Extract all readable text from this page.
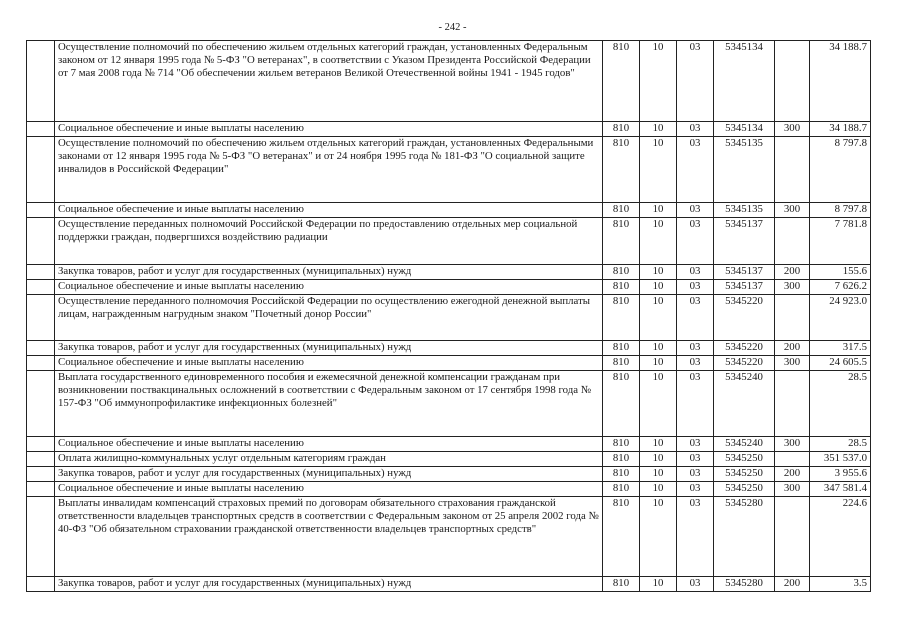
- 242 -
	Осуществление полномочий по обеспечению жильем отдельных категорий граждан, установленных Федеральным законом от 12 января 1995 года № 5-ФЗ "О ветеранах", в соответствии с Указом Президента Российской Федерации от 7 мая 2008 года № 714 "Об обеспечении жильем ветеранов Великой Отечественной войны 1941 - 1945 годов"	810	10	03	5345134		34 188.7
	Социальное обеспечение и иные выплаты населению	810	10	03	5345134	300	34 188.7
	Осуществление полномочий по обеспечению жильем отдельных категорий граждан, установленных Федеральными законами от 12 января 1995 года № 5-ФЗ "О ветеранах" и от 24 ноября 1995 года № 181-ФЗ "О социальной защите инвалидов в Российской Федерации"	810	10	03	5345135		8 797.8
	Социальное обеспечение и иные выплаты населению	810	10	03	5345135	300	8 797.8
	Осуществление переданных полномочий Российской Федерации по предоставлению отдельных мер социальной поддержки граждан, подвергшихся воздействию радиации	810	10	03	5345137		7 781.8
	Закупка товаров, работ и услуг для государственных (муниципальных) нужд	810	10	03	5345137	200	155.6
	Социальное обеспечение и иные выплаты населению	810	10	03	5345137	300	7 626.2
	Осуществление переданного полномочия Российской Федерации по осуществлению ежегодной денежной выплаты лицам, награжденным нагрудным знаком "Почетный донор России"	810	10	03	5345220		24 923.0
	Закупка товаров, работ и услуг для государственных (муниципальных) нужд	810	10	03	5345220	200	317.5
	Социальное обеспечение и иные выплаты населению	810	10	03	5345220	300	24 605.5
	Выплата государственного единовременного пособия и ежемесячной денежной компенсации гражданам при возникновении поствакцинальных осложнений в соответствии с Федеральным законом от 17 сентября 1998 года № 157-ФЗ "Об иммунопрофилактике инфекционных болезней"	810	10	03	5345240		28.5
	Социальное обеспечение и иные выплаты населению	810	10	03	5345240	300	28.5
	Оплата жилищно-коммунальных услуг отдельным категориям граждан	810	10	03	5345250		351 537.0
	Закупка товаров, работ и услуг для государственных (муниципальных) нужд	810	10	03	5345250	200	3 955.6
	Социальное обеспечение и иные выплаты населению	810	10	03	5345250	300	347 581.4
	Выплаты инвалидам компенсаций страховых премий по договорам обязательного страхования гражданской ответственности владельцев транспортных средств в соответствии с Федеральным законом от 25 апреля 2002 года № 40-ФЗ "Об обязательном страховании гражданской ответственности владельцев транспортных средств"	810	10	03	5345280		224.6
	Закупка товаров, работ и услуг для государственных (муниципальных) нужд	810	10	03	5345280	200	3.5
